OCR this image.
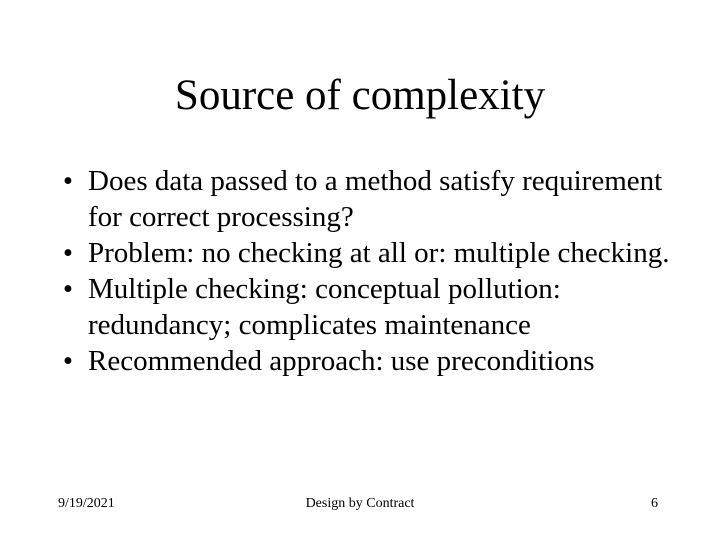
Source of complexity
• Does data passed to a method satisfy requirement for correct processing?
• Problem: no checking at all or: multiple checking.
• Multiple checking: conceptual pollution: redundancy; complicates maintenance
• Recommended approach: use preconditions
9/19/2021	Design by Contract	6
